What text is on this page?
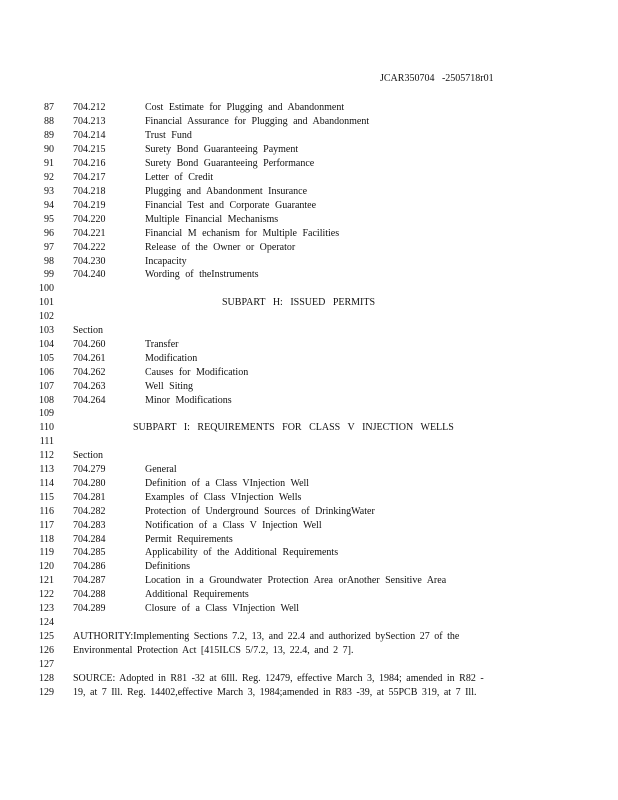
JCAR350704   -2505718r01
87 704.212	Cost Estimate for Plugging and Abandonment
88 704.213	Financial Assurance for Plugging and Abandonment
89 704.214	Trust Fund
90 704.215	Surety Bond Guaranteeing Payment
91 704.216	Surety Bond Guaranteeing Performance
92 704.217	Letter of Credit
93 704.218	Plugging and Abandonment Insurance
94 704.219	Financial Test and Corporate Guarantee
95 704.220	Multiple Financial Mechanisms
96 704.221	Financial M echanism for Multiple Facilities
97 704.222	Release of the Owner or Operator
98 704.230	Incapacity
99 704.240	Wording of theInstruments
100
101	SUBPART H: ISSUED PERMITS
102
103 Section
104 704.260	Transfer
105 704.261	Modification
106 704.262	Causes for Modification
107 704.263	Well Siting
108 704.264	Minor Modifications
109
110	SUBPART I: REQUIREMENTS FOR CLASS V INJECTION WELLS
111
112 Section
113 704.279	General
114 704.280	Definition of a Class VInjection Well
115 704.281	Examples of Class VInjection Wells
116 704.282	Protection of Underground Sources of DrinkingWater
117 704.283	Notification of a Class V Injection Well
118 704.284	Permit Requirements
119 704.285	Applicability of the Additional Requirements
120 704.286	Definitions
121 704.287	Location in a Groundwater Protection Area orAnother Sensitive Area
122 704.288	Additional Requirements
123 704.289	Closure of a Class VInjection Well
124
125 AUTHORITY:Implementing Sections 7.2, 13, and 22.4 and authorized bySection 27 of the
126 Environmental Protection Act [415ILCS 5/7.2, 13, 22.4, and 2 7].
127
128 SOURCE: Adopted in R81 -32 at 6Ill. Reg. 12479, effective March 3, 1984; amended in R82 -
129 19, at 7 Ill. Reg. 14402,effective March 3, 1984;amended in R83 -39, at 55PCB 319, at 7 Ill.
